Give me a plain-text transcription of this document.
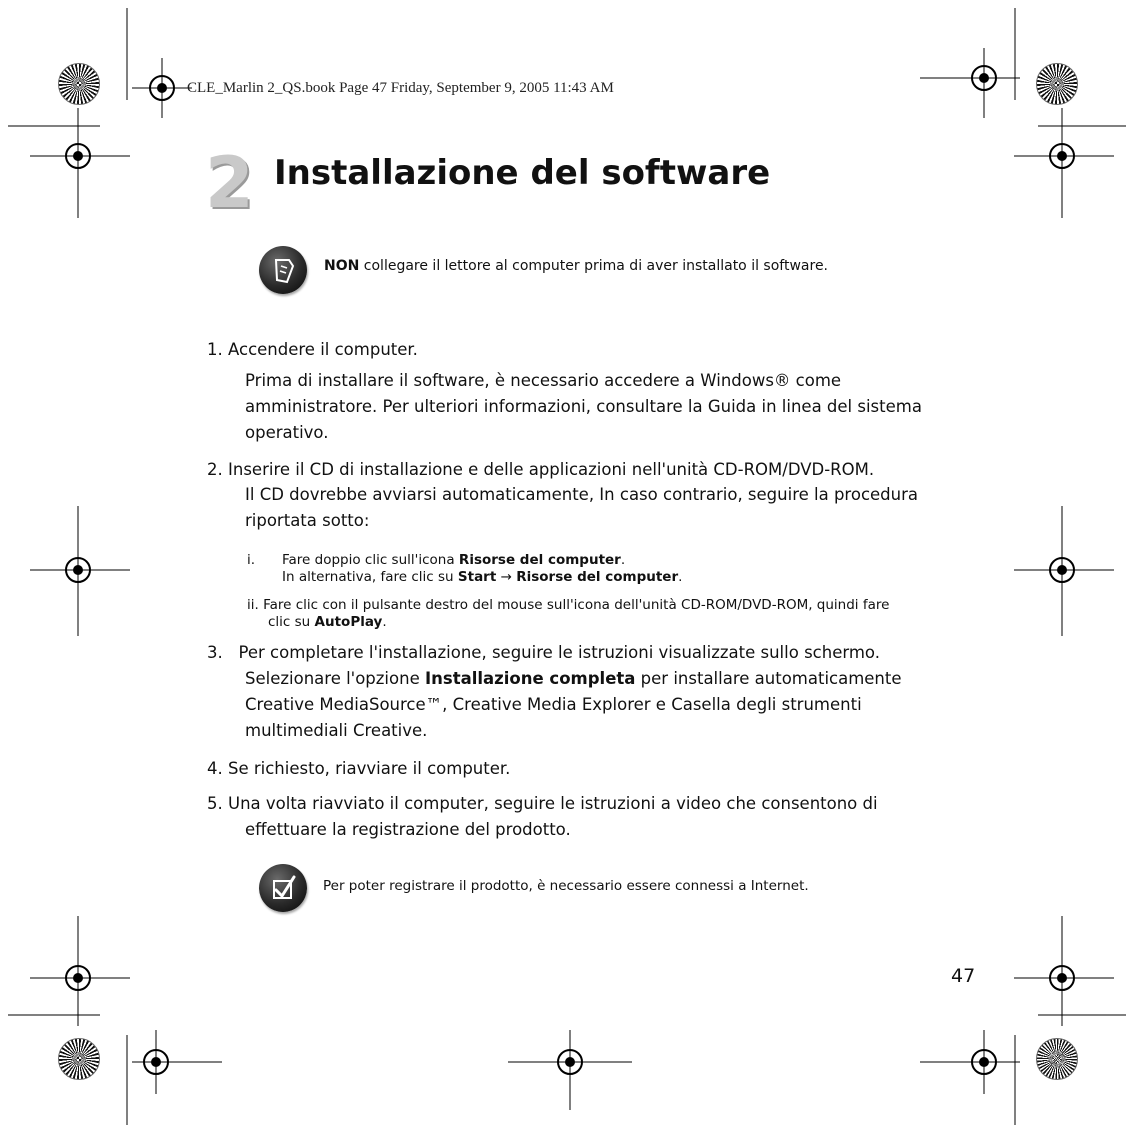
CLE_Marlin 2_QS.book Page 47 Friday, September 9, 2005 11:43 AM
2 Installazione del software
NON collegare il lettore al computer prima di aver installato il software.
1. Accendere il computer.
Prima di installare il software, è necessario accedere a Windows® come
amministratore. Per ulteriori informazioni, consultare la Guida in linea del sistema
operativo.
2. Inserire il CD di installazione e delle applicazioni nell'unità CD-ROM/DVD-ROM.
Il CD dovrebbe avviarsi automaticamente, In caso contrario, seguire la procedura
riportata sotto:
i. Fare doppio clic sull'icona Risorse del computer.
In alternativa, fare clic su Start → Risorse del computer.
ii. Fare clic con il pulsante destro del mouse sull'icona dell'unità CD-ROM/DVD-ROM, quindi fare
clic su AutoPlay.
3. Per completare l'installazione, seguire le istruzioni visualizzate sullo schermo.
Selezionare l'opzione Installazione completa per installare automaticamente
Creative MediaSource™, Creative Media Explorer e Casella degli strumenti
multimediali Creative.
4. Se richiesto, riavviare il computer.
5. Una volta riavviato il computer, seguire le istruzioni a video che consentono di
effettuare la registrazione del prodotto.
Per poter registrare il prodotto, è necessario essere connessi a Internet.
47
